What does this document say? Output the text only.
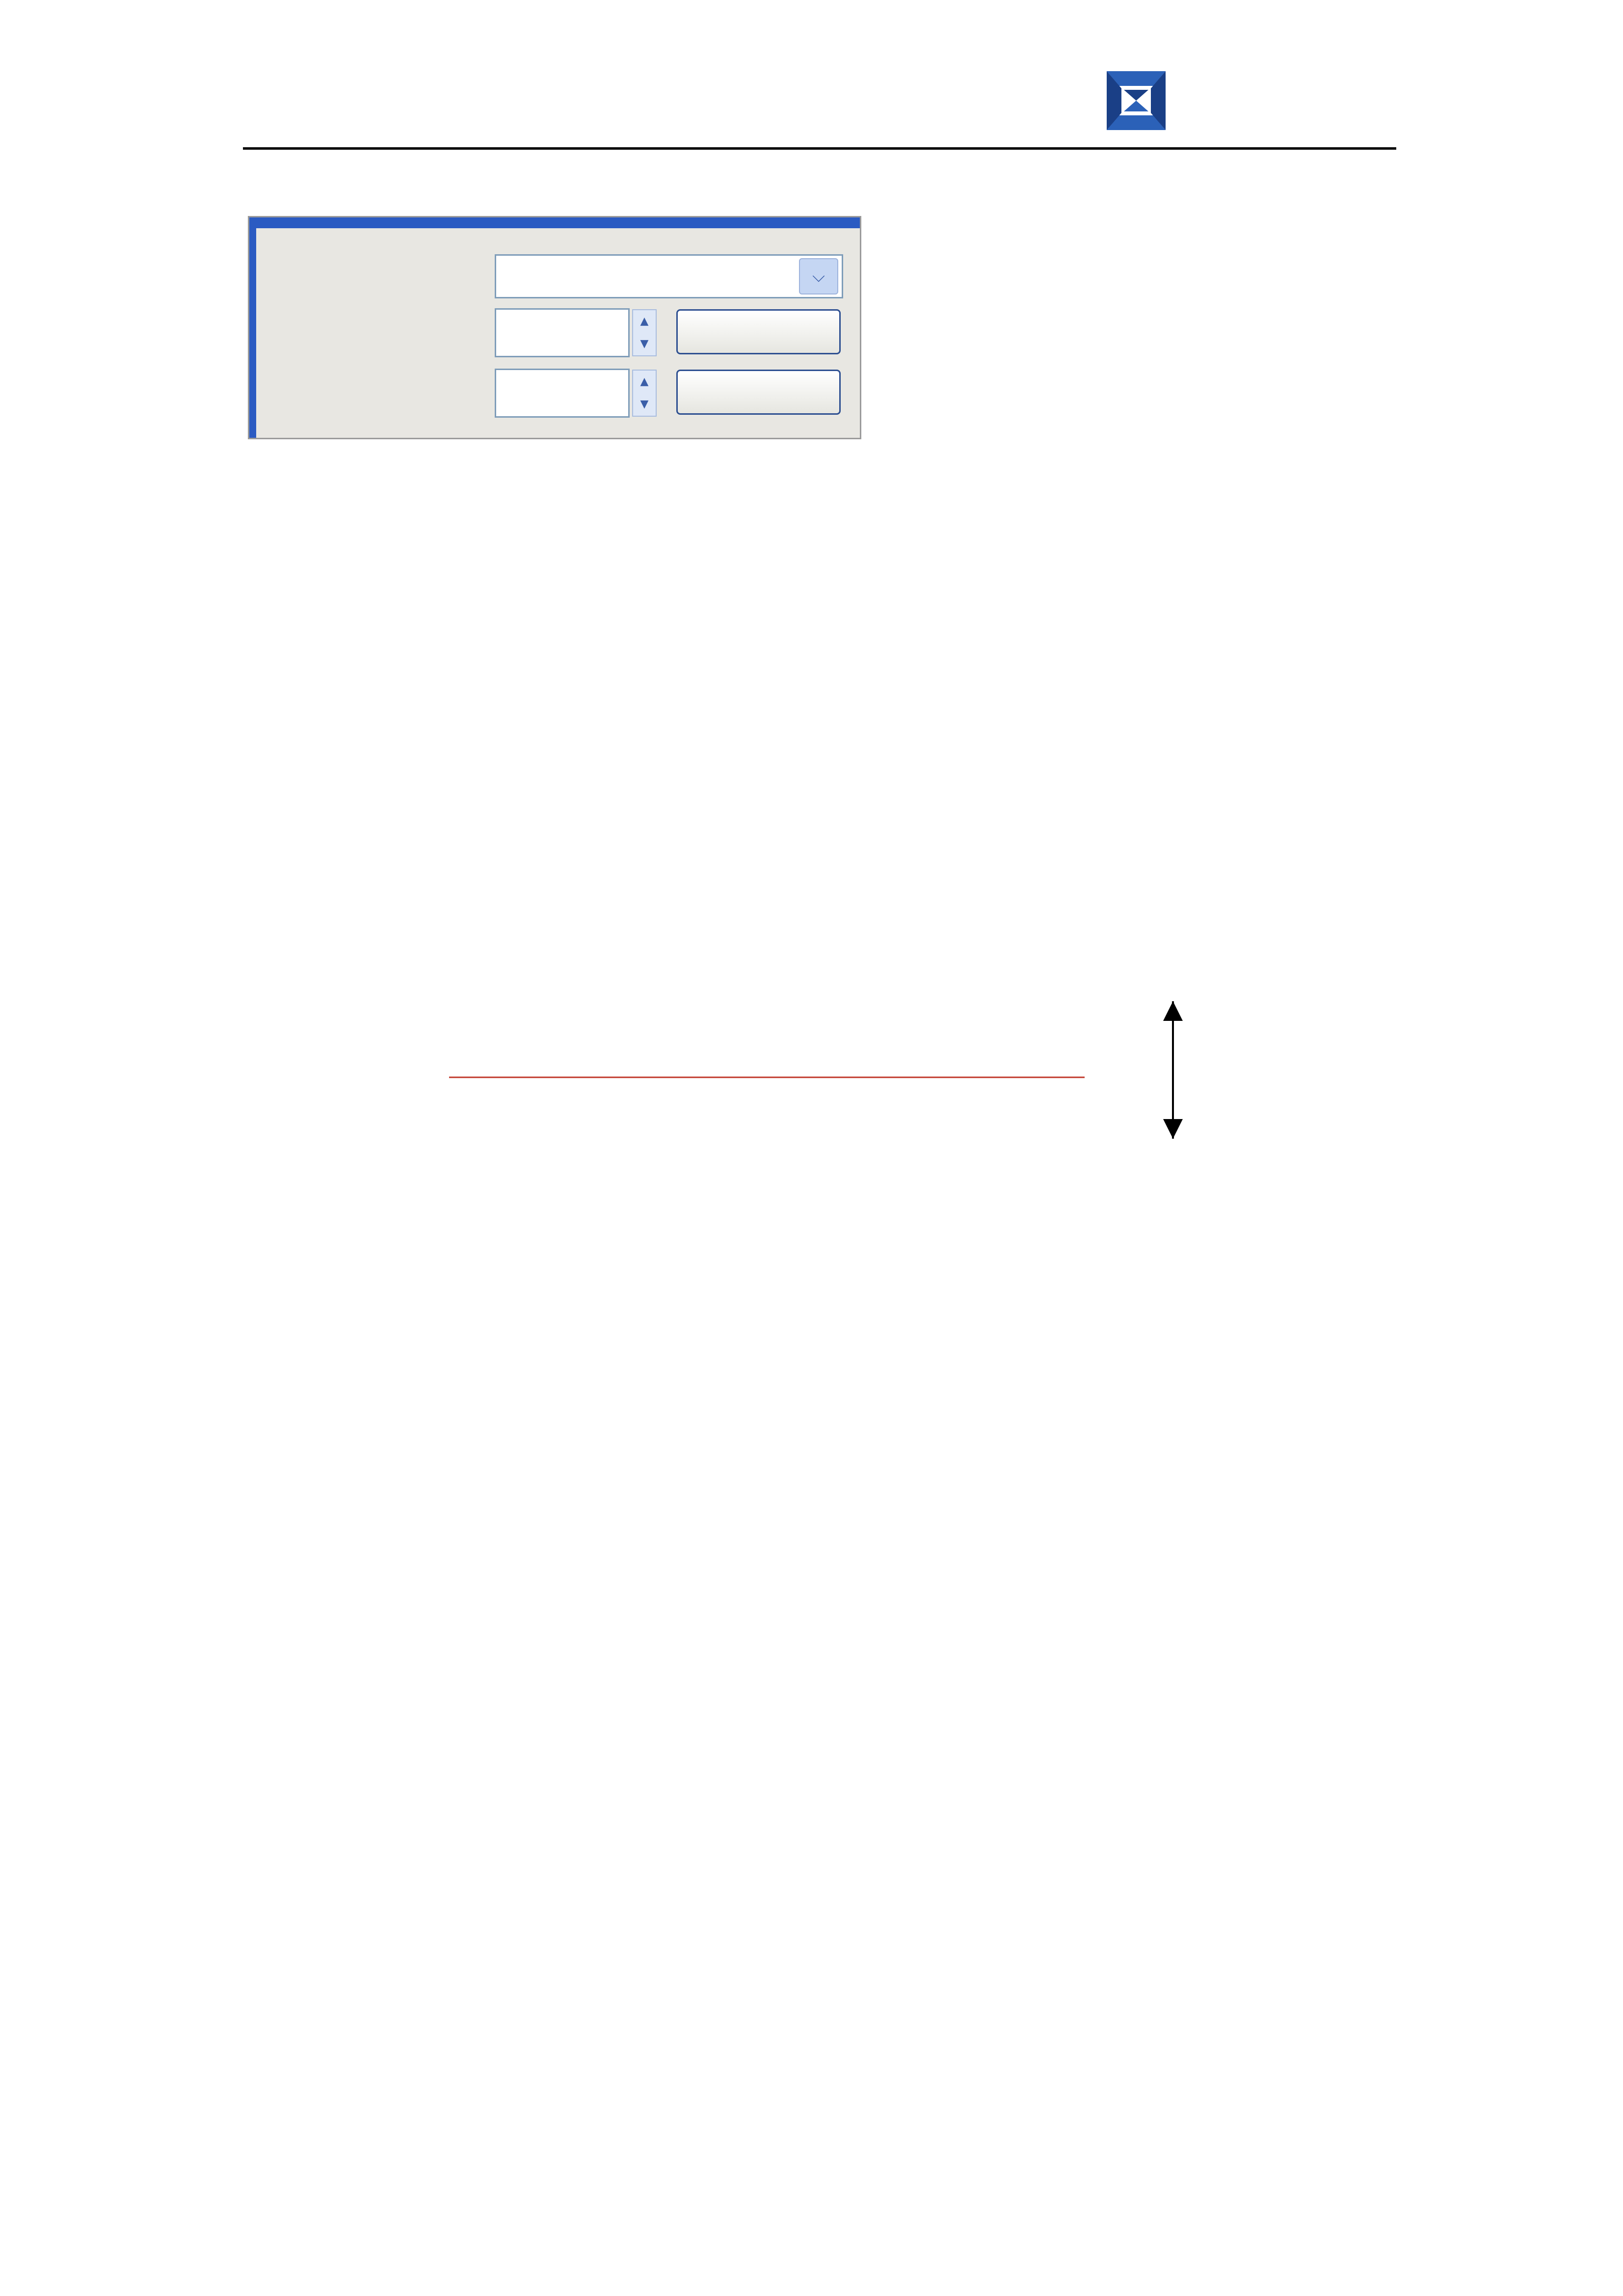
⌵
▲
▼
▲
▼
